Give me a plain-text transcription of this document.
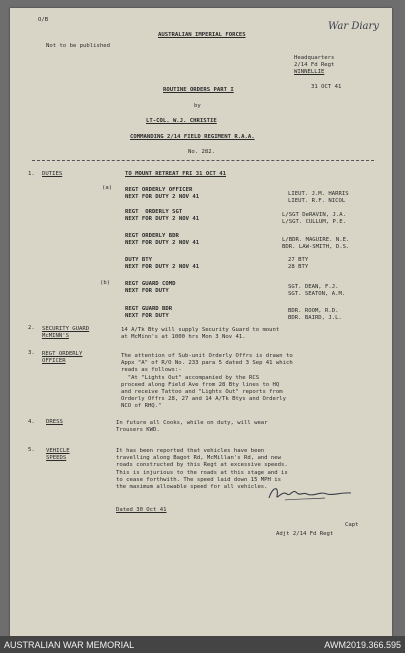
O/B
Not to be published
War Diary
AUSTRALIAN IMPERIAL FORCES
Headquarters
2/14 Fd Regt
WINNELLIE
31 OCT 41
ROUTINE ORDERS PART I
by
LT-COL. W.J. CHRISTIE
COMMANDING 2/14 FIELD REGIMENT R.A.A.
No. 282.
1. DUTIES	TO MOUNT RETREAT FRI 31 OCT 41
(a) REGT ORDERLY OFFICER
NEXT FOR DUTY 2 NOV 41
LIEUT. J.M. HARRIS
LIEUT. R.F. NICOL
REGT  ORDERLY SGT
NEXT FOR DUTY 2 NOV 41
L/SGT DeRAVIN, J.A.
L/SGT. CULLUM, P.E.
REGT ORDERLY BDR
NEXT FOR DUTY 2 NOV 41
L/BDR. MAGUIRE. N.E.
BDR. LAW-SMITH, D.S.
DUTY BTY
NEXT FOR DUTY 2 NOV 41
27 BTY
28 BTY
(b)	REGT GUARD COMD
NEXT FOR DUTY
SGT. DEAN, F.J.
SGT. SEATON, A.M.
REGT GUARD BDR
NEXT FOR DUTY
BDR. ROOM, R.D.
BDR. BAIRD, J.L.
2. SECURITY GUARD
McMINN'S
14 A/Tk Bty will supply Security Guard to mount
at McMinn's at 1000 hrs Mon 3 Nov 41.
3. REGT ORDERLY
OFFICER
The attention of Sub-unit Orderly Offrs is drawn to
Appx "A" of R/O No. 233 para 5 dated 3 Sep 41 which
reads as follows:-
"At "Lights Out" accompanied by the RCS
proceed along Field Ave from 28 Bty lines to HQ
and receive Tattoo and "Lights Out" reports from
Orderly Offrs 28, 27 and 14 A/Tk Btys and Orderly
NCO of RHQ."
4. DRESS	In future all Cooks, while on duty, will wear
Trousers KWD.
5. VEHICLE
SPEEDS
It has been reported that vehicles have been
travelling along Bagot Rd, McMillan's Rd, and new
roads constructed by this Regt at excessive speeds.
This is injurious to the roads at this stage and is
to cease forthwith. The speed laid down 15 MPH is
the maximum allowable speed for all vehicles.
Dated 30 Oct 41
Capt
Adjt 2/14 Fd Regt
AUSTRALIAN WAR MEMORIAL	AWM2019.366.595
